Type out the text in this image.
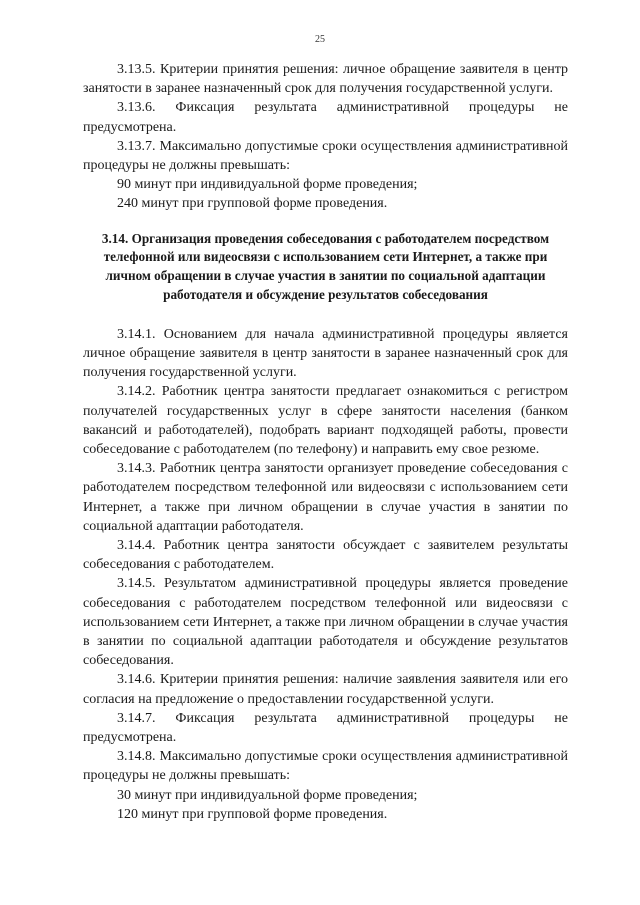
25

3.13.5. Критерии принятия решения: личное обращение заявителя в центр занятости в заранее назначенный срок для получения государственной услуги.

3.13.6. Фиксация результата административной процедуры не предусмотрена.

3.13.7. Максимально допустимые сроки осуществления административной процедуры не должны превышать:

90 минут при индивидуальной форме проведения;

240 минут при групповой форме проведения.

3.14. Организация проведения собеседования с работодателем посредством телефонной или видеосвязи с использованием сети Интернет, а также при личном обращении в случае участия в занятии по социальной адаптации работодателя и обсуждение результатов собеседования

3.14.1. Основанием для начала административной процедуры является личное обращение заявителя в центр занятости в заранее назначенный срок для получения государственной услуги.

3.14.2. Работник центра занятости предлагает ознакомиться с регистром получателей государственных услуг в сфере занятости населения (банком вакансий и работодателей), подобрать вариант подходящей работы, провести собеседование с работодателем (по телефону) и направить ему свое резюме.

3.14.3. Работник центра занятости организует проведение собеседования с работодателем посредством телефонной или видеосвязи с использованием сети Интернет, а также при личном обращении в случае участия в занятии по социальной адаптации работодателя.

3.14.4. Работник центра занятости обсуждает с заявителем результаты собеседования с работодателем.

3.14.5. Результатом административной процедуры является проведение собеседования с работодателем посредством телефонной или видеосвязи с использованием сети Интернет, а также при личном обращении в случае участия в занятии по социальной адаптации работодателя и обсуждение результатов собеседования.

3.14.6. Критерии принятия решения: наличие заявления заявителя или его согласия на предложение о предоставлении государственной услуги.

3.14.7. Фиксация результата административной процедуры не предусмотрена.

3.14.8. Максимально допустимые сроки осуществления административной процедуры не должны превышать:

30 минут при индивидуальной форме проведения;

120 минут при групповой форме проведения.
